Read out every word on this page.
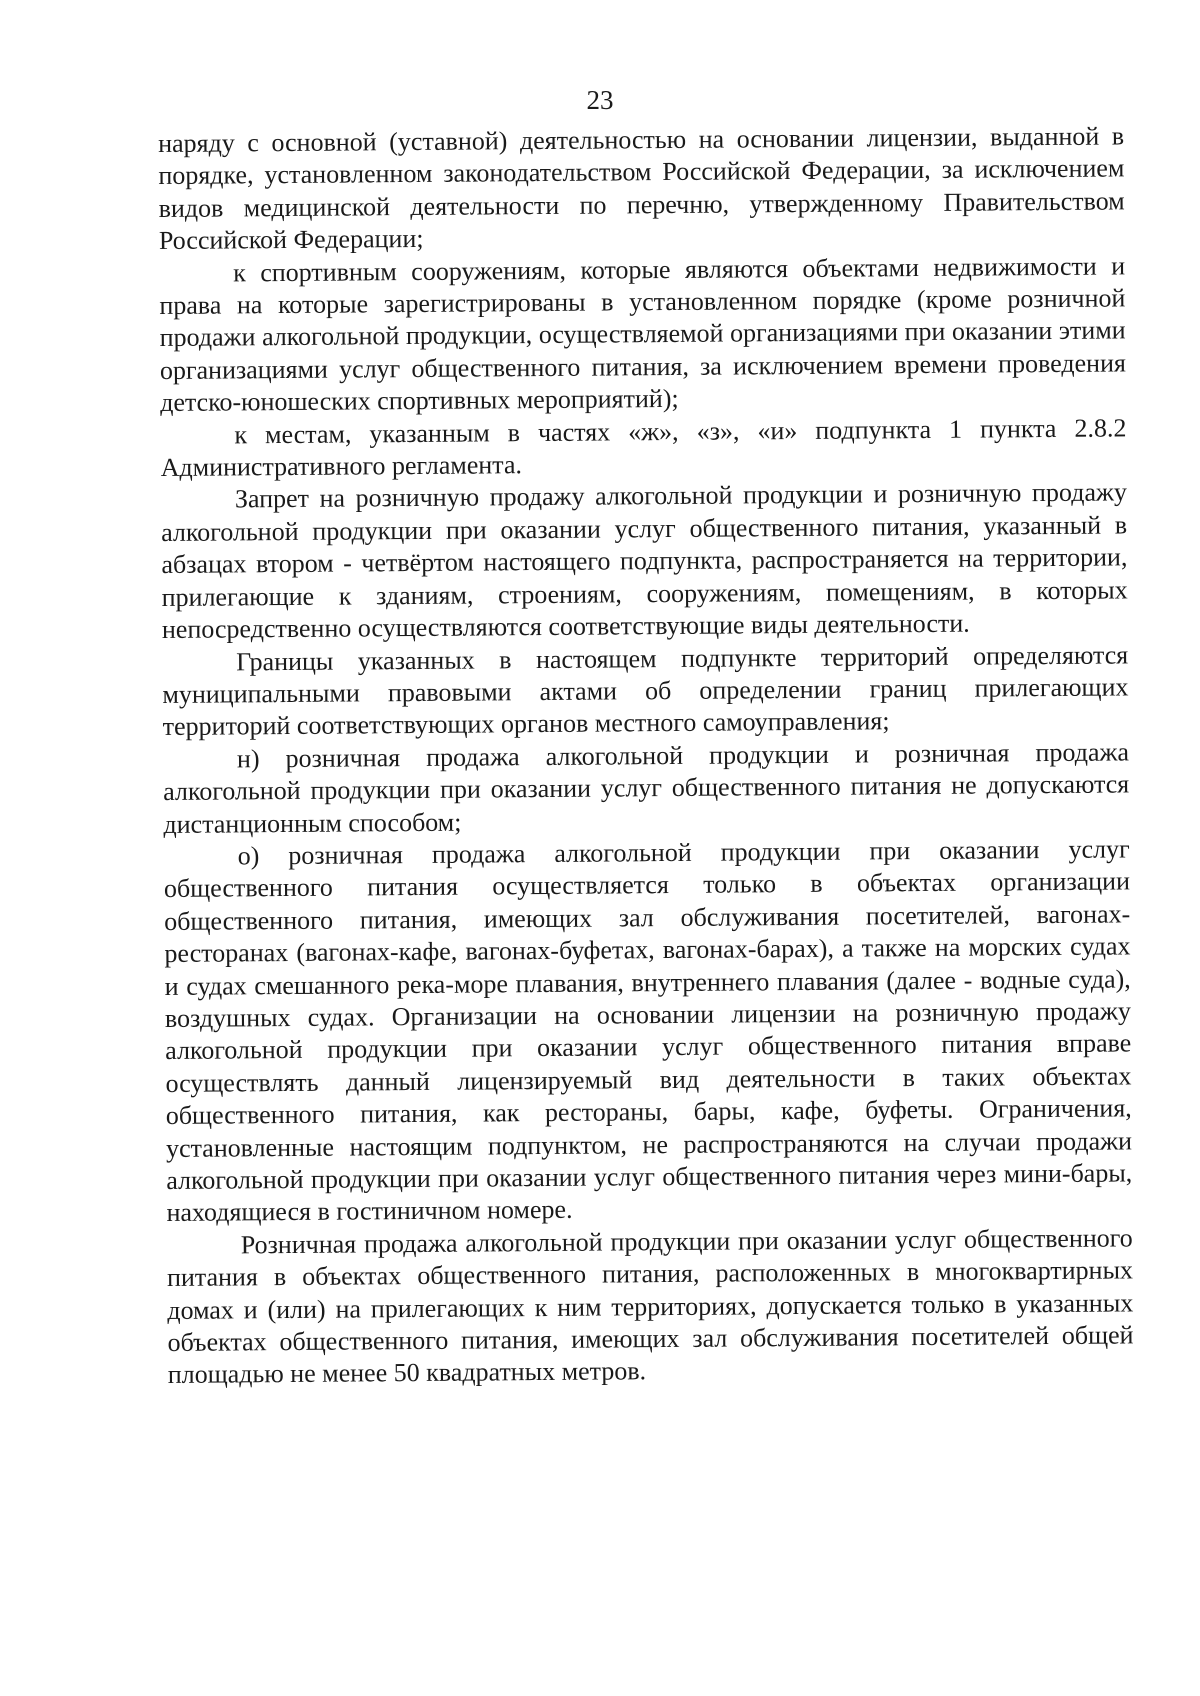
23

наряду с основной (уставной) деятельностью на основании лицензии, выданной в порядке, установленном законодательством Российской Федерации, за исключением видов медицинской деятельности по перечню, утвержденному Правительством Российской Федерации;

к спортивным сооружениям, которые являются объектами недвижимости и права на которые зарегистрированы в установленном порядке (кроме розничной продажи алкогольной продукции, осуществляемой организациями при оказании этими организациями услуг общественного питания, за исключением времени проведения детско-юношеских спортивных мероприятий);

к местам, указанным в частях «ж», «з», «и» подпункта 1 пункта 2.8.2 Административного регламента.

Запрет на розничную продажу алкогольной продукции и розничную продажу алкогольной продукции при оказании услуг общественного питания, указанный в абзацах втором - четвёртом настоящего подпункта, распространяется на территории, прилегающие к зданиям, строениям, сооружениям, помещениям, в которых непосредственно осуществляются соответствующие виды деятельности.

Границы указанных в настоящем подпункте территорий определяются муниципальными правовыми актами об определении границ прилегающих территорий соответствующих органов местного самоуправления;

н) розничная продажа алкогольной продукции и розничная продажа алкогольной продукции при оказании услуг общественного питания не допускаются дистанционным способом;

о) розничная продажа алкогольной продукции при оказании услуг общественного питания осуществляется только в объектах организации общественного питания, имеющих зал обслуживания посетителей, вагонах-ресторанах (вагонах-кафе, вагонах-буфетах, вагонах-барах), а также на морских судах и судах смешанного река-море плавания, внутреннего плавания (далее - водные суда), воздушных судах. Организации на основании лицензии на розничную продажу алкогольной продукции при оказании услуг общественного питания вправе осуществлять данный лицензируемый вид деятельности в таких объектах общественного питания, как рестораны, бары, кафе, буфеты. Ограничения, установленные настоящим подпунктом, не распространяются на случаи продажи алкогольной продукции при оказании услуг общественного питания через мини-бары, находящиеся в гостиничном номере.

Розничная продажа алкогольной продукции при оказании услуг общественного питания в объектах общественного питания, расположенных в многоквартирных домах и (или) на прилегающих к ним территориях, допускается только в указанных объектах общественного питания, имеющих зал обслуживания посетителей общей площадью не менее 50 квадратных метров.
